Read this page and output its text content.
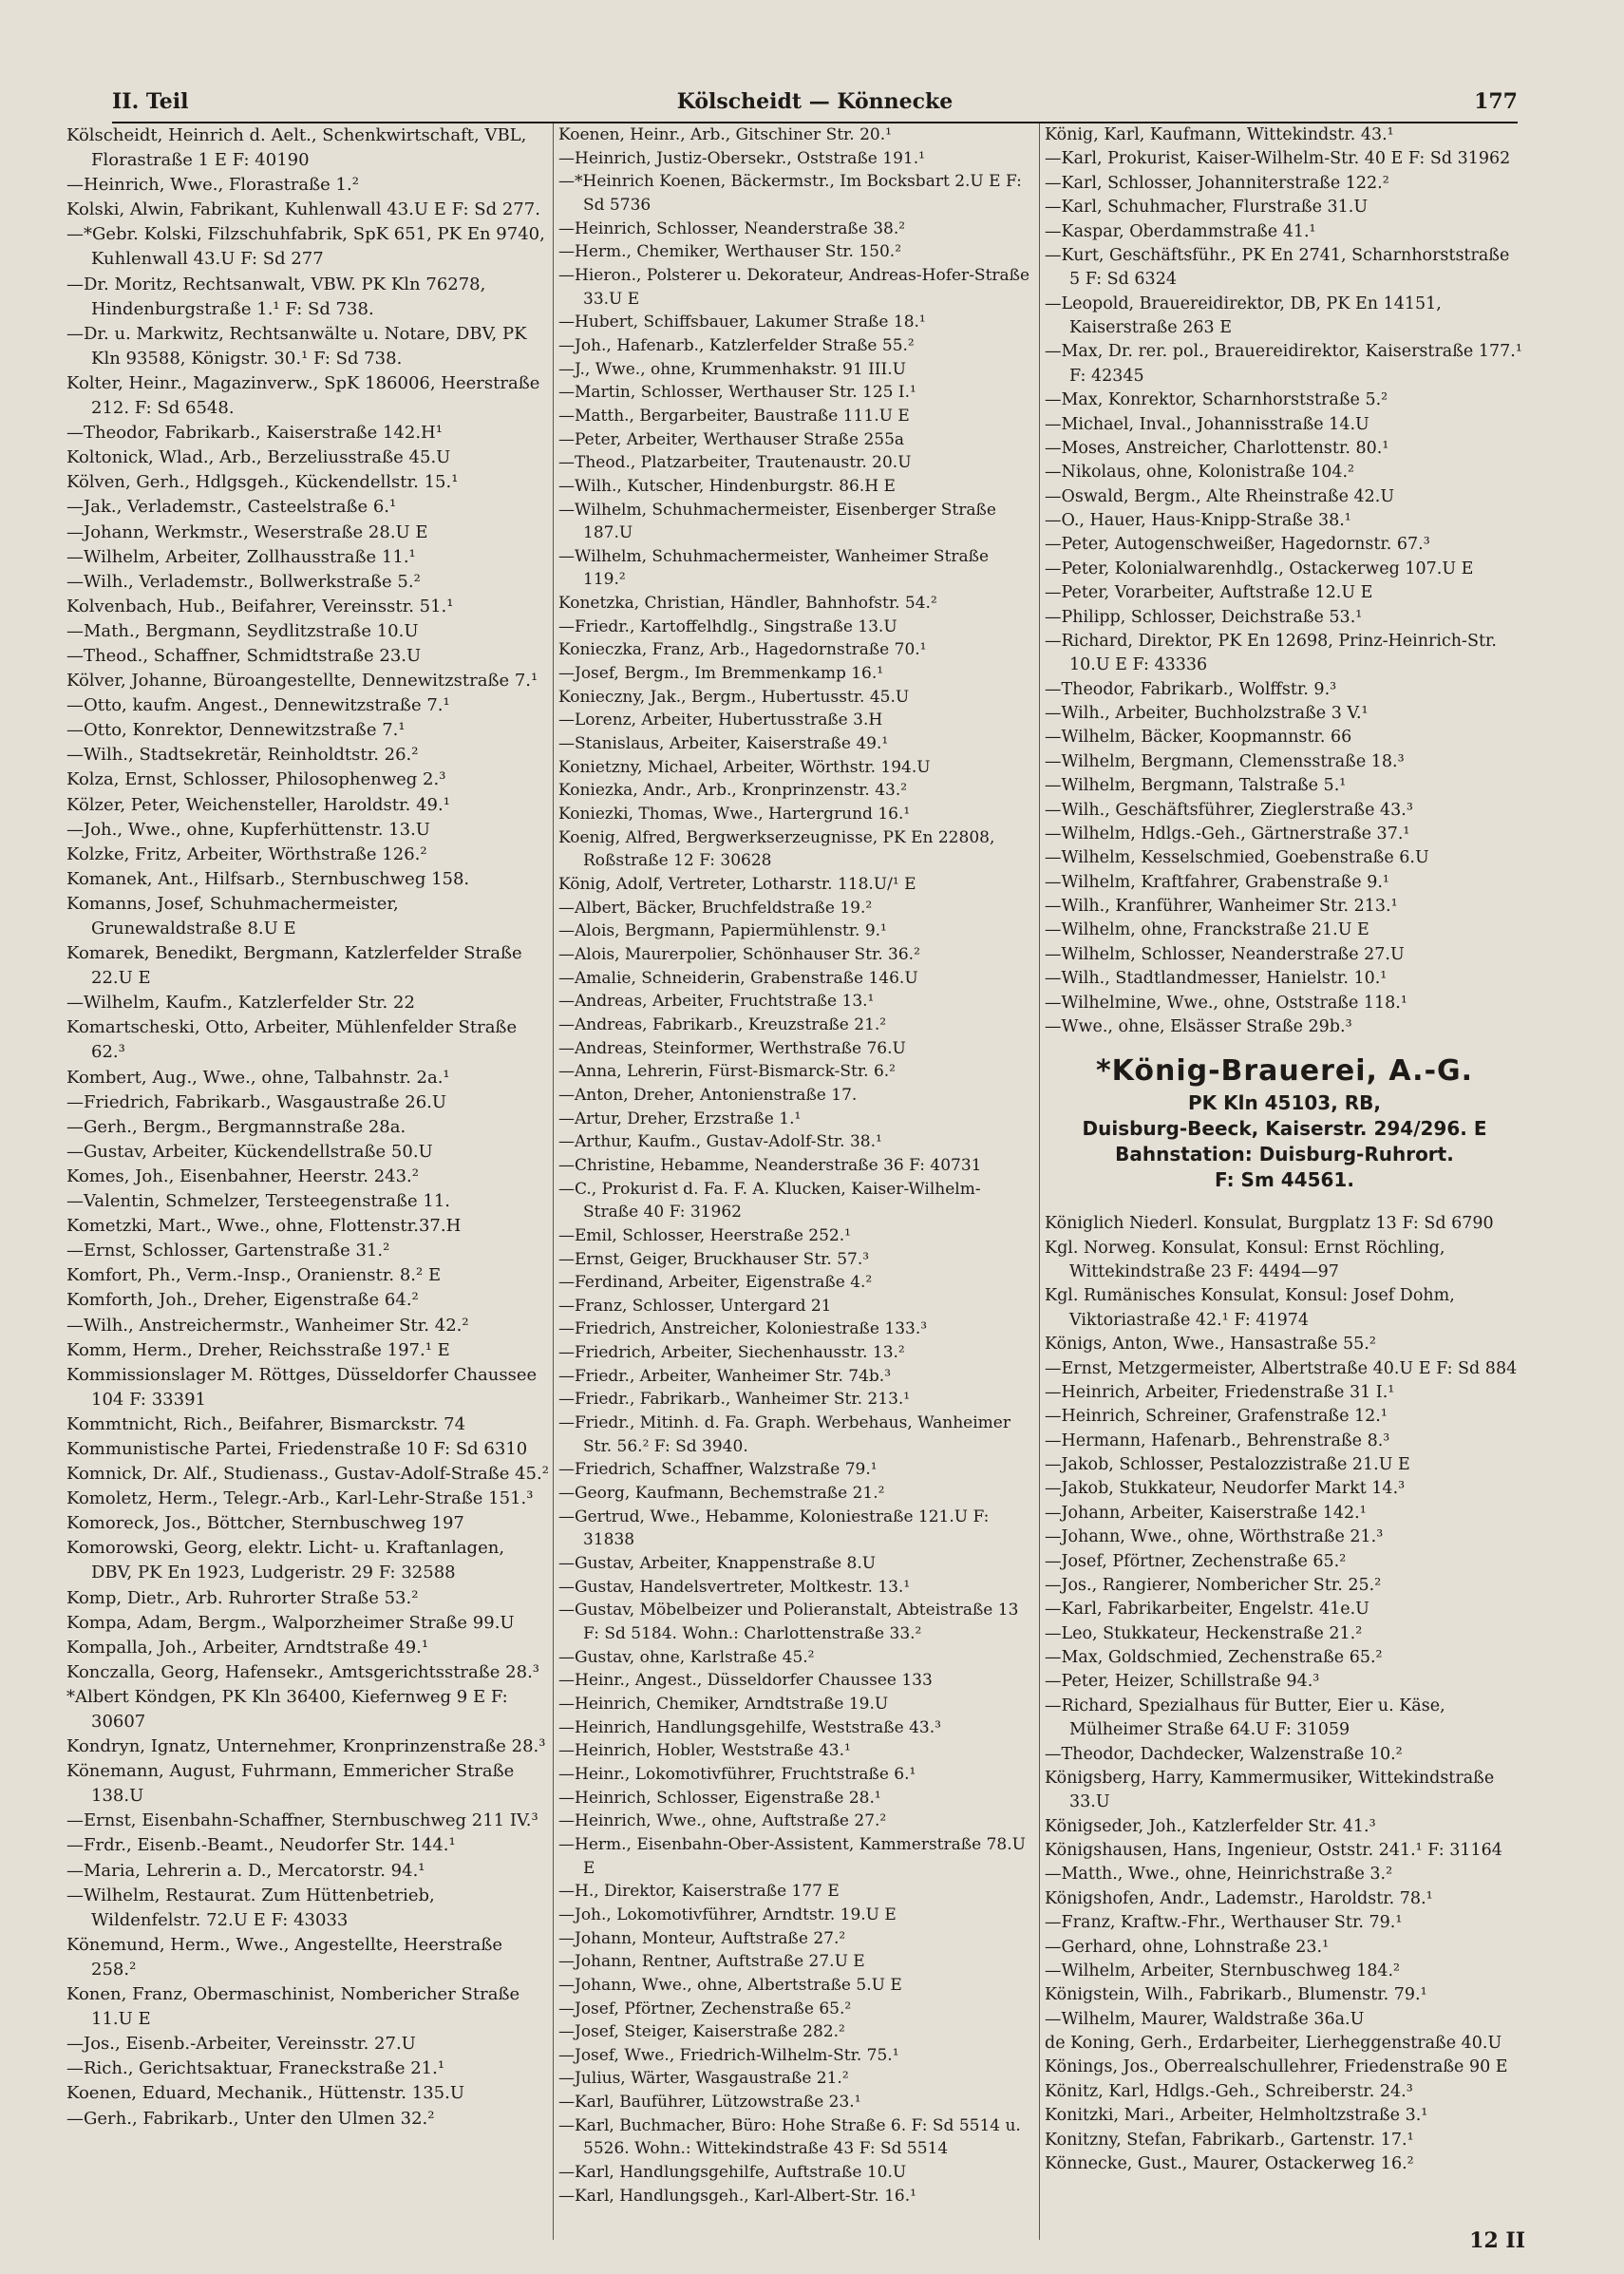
II. Teil	Kölscheidt — Könnecke	177

Kölscheidt, Heinrich d. Aelt., Schenkwirtschaft, VBL, Florastraße 1 E F: 40190

—Heinrich, Wwe., Florastraße 1.²

Kolski, Alwin, Fabrikant, Kuhlenwall 43.U E F: Sd 277.

—*Gebr. Kolski, Filzschuhfabrik, SpK 651, PK En 9740, Kuhlenwall 43.U F: Sd 277

—Dr. Moritz, Rechtsanwalt, VBW. PK Kln 76278, Hindenburgstraße 1.¹ F: Sd 738.

—Dr. u. Markwitz, Rechtsanwälte u. Notare, DBV, PK Kln 93588, Königstr. 30.¹ F: Sd 738.

Kolter, Heinr., Magazinverw., SpK 186006, Heerstraße 212. F: Sd 6548.

—Theodor, Fabrikarb., Kaiserstraße 142.H¹

Koltonick, Wlad., Arb., Berzeliusstraße 45.U

Kölven, Gerh., Hdlgsgeh., Kückendellstr. 15.¹

—Jak., Verlademstr., Casteelstraße 6.¹

—Johann, Werkmstr., Weserstraße 28.U E

—Wilhelm, Arbeiter, Zollhausstraße 11.¹

—Wilh., Verlademstr., Bollwerkstraße 5.²

Kolvenbach, Hub., Beifahrer, Vereinsstr. 51.¹

—Math., Bergmann, Seydlitzstraße 10.U

—Theod., Schaffner, Schmidtstraße 23.U

Kölver, Johanne, Büroangestellte, Dennewitzstraße 7.¹

—Otto, kaufm. Angest., Dennewitzstraße 7.¹

—Otto, Konrektor, Dennewitzstraße 7.¹

—Wilh., Stadtsekretär, Reinholdtstr. 26.²

Kolza, Ernst, Schlosser, Philosophenweg 2.³

Kölzer, Peter, Weichensteller, Haroldstr. 49.¹

—Joh., Wwe., ohne, Kupferhüttenstr. 13.U

Kolzke, Fritz, Arbeiter, Wörthstraße 126.²

Komanek, Ant., Hilfsarb., Sternbuschweg 158.

Komanns, Josef, Schuhmachermeister, Grunewaldstraße 8.U E

Komarek, Benedikt, Bergmann, Katzlerfelder Straße 22.U E

—Wilhelm, Kaufm., Katzlerfelder Str. 22

Komartscheski, Otto, Arbeiter, Mühlenfelder Straße 62.³

Kombert, Aug., Wwe., ohne, Talbahnstr. 2a.¹

—Friedrich, Fabrikarb., Wasgaustraße 26.U

—Gerh., Bergm., Bergmannstraße 28a.

—Gustav, Arbeiter, Kückendellstraße 50.U

Komes, Joh., Eisenbahner, Heerstr. 243.²

—Valentin, Schmelzer, Tersteegenstraße 11.

Kometzki, Mart., Wwe., ohne, Flottenstr.37.H

—Ernst, Schlosser, Gartenstraße 31.²

Komfort, Ph., Verm.-Insp., Oranienstr. 8.² E

Komforth, Joh., Dreher, Eigenstraße 64.²

—Wilh., Anstreichermstr., Wanheimer Str. 42.²

Komm, Herm., Dreher, Reichsstraße 197.¹ E

Kommissionslager M. Röttges, Düsseldorfer Chaussee 104 F: 33391

Kommtnicht, Rich., Beifahrer, Bismarckstr. 74

Kommunistische Partei, Friedenstraße 10 F: Sd 6310

Komnick, Dr. Alf., Studienass., Gustav-Adolf-Straße 45.²

Komoletz, Herm., Telegr.-Arb., Karl-Lehr-Straße 151.³

Komoreck, Jos., Böttcher, Sternbuschweg 197

Komorowski, Georg, elektr. Licht- u. Kraftanlagen, DBV, PK En 1923, Ludgeristr. 29 F: 32588

Komp, Dietr., Arb. Ruhrorter Straße 53.²

Kompa, Adam, Bergm., Walporzheimer Straße 99.U

Kompalla, Joh., Arbeiter, Arndtstraße 49.¹

Konczalla, Georg, Hafensekr., Amtsgerichtsstraße 28.³

*Albert Köndgen, PK Kln 36400, Kiefernweg 9 E F: 30607

Kondryn, Ignatz, Unternehmer, Kronprinzenstraße 28.³

Könemann, August, Fuhrmann, Emmericher Straße 138.U

—Ernst, Eisenbahn-Schaffner, Sternbuschweg 211 IV.³

—Frdr., Eisenb.-Beamt., Neudorfer Str. 144.¹

—Maria, Lehrerin a. D., Mercatorstr. 94.¹

—Wilhelm, Restaurat. Zum Hüttenbetrieb, Wildenfelstr. 72.U E F: 43033

Könemund, Herm., Wwe., Angestellte, Heerstraße 258.²

Konen, Franz, Obermaschinist, Nombericher Straße 11.U E

—Jos., Eisenb.-Arbeiter, Vereinsstr. 27.U

—Rich., Gerichtsaktuar, Franeckstraße 21.¹

Koenen, Eduard, Mechanik., Hüttenstr. 135.U

—Gerh., Fabrikarb., Unter den Ulmen 32.²

Koenen, Heinr., Arb., Gitschiner Str. 20.¹

—Heinrich, Justiz-Obersekr., Oststraße 191.¹

—*Heinrich Koenen, Bäckermstr., Im Bocksbart 2.U E F: Sd 5736

—Heinrich, Schlosser, Neanderstraße 38.²

—Herm., Chemiker, Werthauser Str. 150.²

—Hieron., Polsterer u. Dekorateur, Andreas-Hofer-Straße 33.U E

—Hubert, Schiffsbauer, Lakumer Straße 18.¹

—Joh., Hafenarb., Katzlerfelder Straße 55.²

—J., Wwe., ohne, Krummenhakstr. 91 III.U

—Martin, Schlosser, Werthauser Str. 125 I.¹

—Matth., Bergarbeiter, Baustraße 111.U E

—Peter, Arbeiter, Werthauser Straße 255a

—Theod., Platzarbeiter, Trautenaustr. 20.U

—Wilh., Kutscher, Hindenburgstr. 86.H E

—Wilhelm, Schuhmachermeister, Eisenberger Straße 187.U

—Wilhelm, Schuhmachermeister, Wanheimer Straße 119.²

Konetzka, Christian, Händler, Bahnhofstr. 54.²

—Friedr., Kartoffelhdlg., Singstraße 13.U

Konieczka, Franz, Arb., Hagedornstraße 70.¹

—Josef, Bergm., Im Bremmenkamp 16.¹

Konieczny, Jak., Bergm., Hubertusstr. 45.U

—Lorenz, Arbeiter, Hubertusstraße 3.H

—Stanislaus, Arbeiter, Kaiserstraße 49.¹

Konietzny, Michael, Arbeiter, Wörthstr. 194.U

Koniezka, Andr., Arb., Kronprinzenstr. 43.²

Koniezki, Thomas, Wwe., Hartergrund 16.¹

Koenig, Alfred, Bergwerkserzeugnisse, PK En 22808, Roßstraße 12 F: 30628

König, Adolf, Vertreter, Lotharstr. 118.U/¹ E

—Albert, Bäcker, Bruchfeldstraße 19.²

—Alois, Bergmann, Papiermühlenstr. 9.¹

—Alois, Maurerpolier, Schönhauser Str. 36.²

—Amalie, Schneiderin, Grabenstraße 146.U

—Andreas, Arbeiter, Fruchtstraße 13.¹

—Andreas, Fabrikarb., Kreuzstraße 21.²

—Andreas, Steinformer, Werthstraße 76.U

—Anna, Lehrerin, Fürst-Bismarck-Str. 6.²

—Anton, Dreher, Antonienstraße 17.

—Artur, Dreher, Erzstraße 1.¹

—Arthur, Kaufm., Gustav-Adolf-Str. 38.¹

—Christine, Hebamme, Neanderstraße 36 F: 40731

—C., Prokurist d. Fa. F. A. Klucken, Kaiser-Wilhelm-Straße 40 F: 31962

—Emil, Schlosser, Heerstraße 252.¹

—Ernst, Geiger, Bruckhauser Str. 57.³

—Ferdinand, Arbeiter, Eigenstraße 4.²

—Franz, Schlosser, Untergard 21

—Friedrich, Anstreicher, Koloniestraße 133.³

—Friedrich, Arbeiter, Siechenhausstr. 13.²

—Friedr., Arbeiter, Wanheimer Str. 74b.³

—Friedr., Fabrikarb., Wanheimer Str. 213.¹

—Friedr., Mitinh. d. Fa. Graph. Werbehaus, Wanheimer Str. 56.² F: Sd 3940.

—Friedrich, Schaffner, Walzstraße 79.¹

—Georg, Kaufmann, Bechemstraße 21.²

—Gertrud, Wwe., Hebamme, Koloniestraße 121.U F: 31838

—Gustav, Arbeiter, Knappenstraße 8.U

—Gustav, Handelsvertreter, Moltkestr. 13.¹

—Gustav, Möbelbeizer und Polieranstalt, Abteistraße 13 F: Sd 5184. Wohn.: Charlottenstraße 33.²

—Gustav, ohne, Karlstraße 45.²

—Heinr., Angest., Düsseldorfer Chaussee 133

—Heinrich, Chemiker, Arndtstraße 19.U

—Heinrich, Handlungsgehilfe, Weststraße 43.³

—Heinrich, Hobler, Weststraße 43.¹

—Heinr., Lokomotivführer, Fruchtstraße 6.¹

—Heinrich, Schlosser, Eigenstraße 28.¹

—Heinrich, Wwe., ohne, Auftstraße 27.²

—Herm., Eisenbahn-Ober-Assistent, Kammerstraße 78.U E

—H., Direktor, Kaiserstraße 177 E

—Joh., Lokomotivführer, Arndtstr. 19.U E

—Johann, Monteur, Auftstraße 27.²

—Johann, Rentner, Auftstraße 27.U E

—Johann, Wwe., ohne, Albertstraße 5.U E

—Josef, Pförtner, Zechenstraße 65.²

—Josef, Steiger, Kaiserstraße 282.²

—Josef, Wwe., Friedrich-Wilhelm-Str. 75.¹

—Julius, Wärter, Wasgaustraße 21.²

—Karl, Bauführer, Lützowstraße 23.¹

—Karl, Buchmacher, Büro: Hohe Straße 6. F: Sd 5514 u. 5526. Wohn.: Wittekindstraße 43 F: Sd 5514

—Karl, Handlungsgehilfe, Auftstraße 10.U

—Karl, Handlungsgeh., Karl-Albert-Str. 16.¹

König, Karl, Kaufmann, Wittekindstr. 43.¹

—Karl, Prokurist, Kaiser-Wilhelm-Str. 40 E F: Sd 31962

—Karl, Schlosser, Johanniterstraße 122.²

—Karl, Schuhmacher, Flurstraße 31.U

—Kaspar, Oberdammstraße 41.¹

—Kurt, Geschäftsführ., PK En 2741, Scharnhorststraße 5 F: Sd 6324

—Leopold, Brauereidirektor, DB, PK En 14151, Kaiserstraße 263 E

—Max, Dr. rer. pol., Brauereidirektor, Kaiserstraße 177.¹ F: 42345

—Max, Konrektor, Scharnhorststraße 5.²

—Michael, Inval., Johannisstraße 14.U

—Moses, Anstreicher, Charlottenstr. 80.¹

—Nikolaus, ohne, Kolonistraße 104.²

—Oswald, Bergm., Alte Rheinstraße 42.U

—O., Hauer, Haus-Knipp-Straße 38.¹

—Peter, Autogenschweißer, Hagedornstr. 67.³

—Peter, Kolonialwarenhdlg., Ostackerweg 107.U E

—Peter, Vorarbeiter, Auftstraße 12.U E

—Philipp, Schlosser, Deichstraße 53.¹

—Richard, Direktor, PK En 12698, Prinz-Heinrich-Str. 10.U E F: 43336

—Theodor, Fabrikarb., Wolffstr. 9.³

—Wilh., Arbeiter, Buchholzstraße 3 V.¹

—Wilhelm, Bäcker, Koopmannstr. 66

—Wilhelm, Bergmann, Clemensstraße 18.³

—Wilhelm, Bergmann, Talstraße 5.¹

—Wilh., Geschäftsführer, Zieglerstraße 43.³

—Wilhelm, Hdlgs.-Geh., Gärtnerstraße 37.¹

—Wilhelm, Kesselschmied, Goebenstraße 6.U

—Wilhelm, Kraftfahrer, Grabenstraße 9.¹

—Wilh., Kranführer, Wanheimer Str. 213.¹

—Wilhelm, ohne, Franckstraße 21.U E

—Wilhelm, Schlosser, Neanderstraße 27.U

—Wilh., Stadtlandmesser, Hanielstr. 10.¹

—Wilhelmine, Wwe., ohne, Oststraße 118.¹

—Wwe., ohne, Elsässer Straße 29b.³

*König-Brauerei, A.-G.
PK Kln 45103, RB,
Duisburg-Beeck, Kaiserstr. 294/296. E
Bahnstation: Duisburg-Ruhrort.
F: Sm 44561.

Königlich Niederl. Konsulat, Burgplatz 13 F: Sd 6790

Kgl. Norweg. Konsulat, Konsul: Ernst Röchling, Wittekindstraße 23 F: 4494—97

Kgl. Rumänisches Konsulat, Konsul: Josef Dohm, Viktoriastraße 42.¹ F: 41974

Königs, Anton, Wwe., Hansastraße 55.²

—Ernst, Metzgermeister, Albertstraße 40.U E F: Sd 884

—Heinrich, Arbeiter, Friedenstraße 31 I.¹

—Heinrich, Schreiner, Grafenstraße 12.¹

—Hermann, Hafenarb., Behrenstraße 8.³

—Jakob, Schlosser, Pestalozzistraße 21.U E

—Jakob, Stukkateur, Neudorfer Markt 14.³

—Johann, Arbeiter, Kaiserstraße 142.¹

—Johann, Wwe., ohne, Wörthstraße 21.³

—Josef, Pförtner, Zechenstraße 65.²

—Jos., Rangierer, Nombericher Str. 25.²

—Karl, Fabrikarbeiter, Engelstr. 41e.U

—Leo, Stukkateur, Heckenstraße 21.²

—Max, Goldschmied, Zechenstraße 65.²

—Peter, Heizer, Schillstraße 94.³

—Richard, Spezialhaus für Butter, Eier u. Käse, Mülheimer Straße 64.U F: 31059

—Theodor, Dachdecker, Walzenstraße 10.²

Königsberg, Harry, Kammermusiker, Wittekindstraße 33.U

Königseder, Joh., Katzlerfelder Str. 41.³

Königshausen, Hans, Ingenieur, Oststr. 241.¹ F: 31164

—Matth., Wwe., ohne, Heinrichstraße 3.²

Königshofen, Andr., Lademstr., Haroldstr. 78.¹

—Franz, Kraftw.-Fhr., Werthauser Str. 79.¹

—Gerhard, ohne, Lohnstraße 23.¹

—Wilhelm, Arbeiter, Sternbuschweg 184.²

Königstein, Wilh., Fabrikarb., Blumenstr. 79.¹

—Wilhelm, Maurer, Waldstraße 36a.U

de Koning, Gerh., Erdarbeiter, Lierheggenstraße 40.U

Könings, Jos., Oberrealschullehrer, Friedenstraße 90 E

Könitz, Karl, Hdlgs.-Geh., Schreiberstr. 24.³

Konitzki, Mari., Arbeiter, Helmholtzstraße 3.¹

Konitzny, Stefan, Fabrikarb., Gartenstr. 17.¹

Könnecke, Gust., Maurer, Ostackerweg 16.²

12 II
